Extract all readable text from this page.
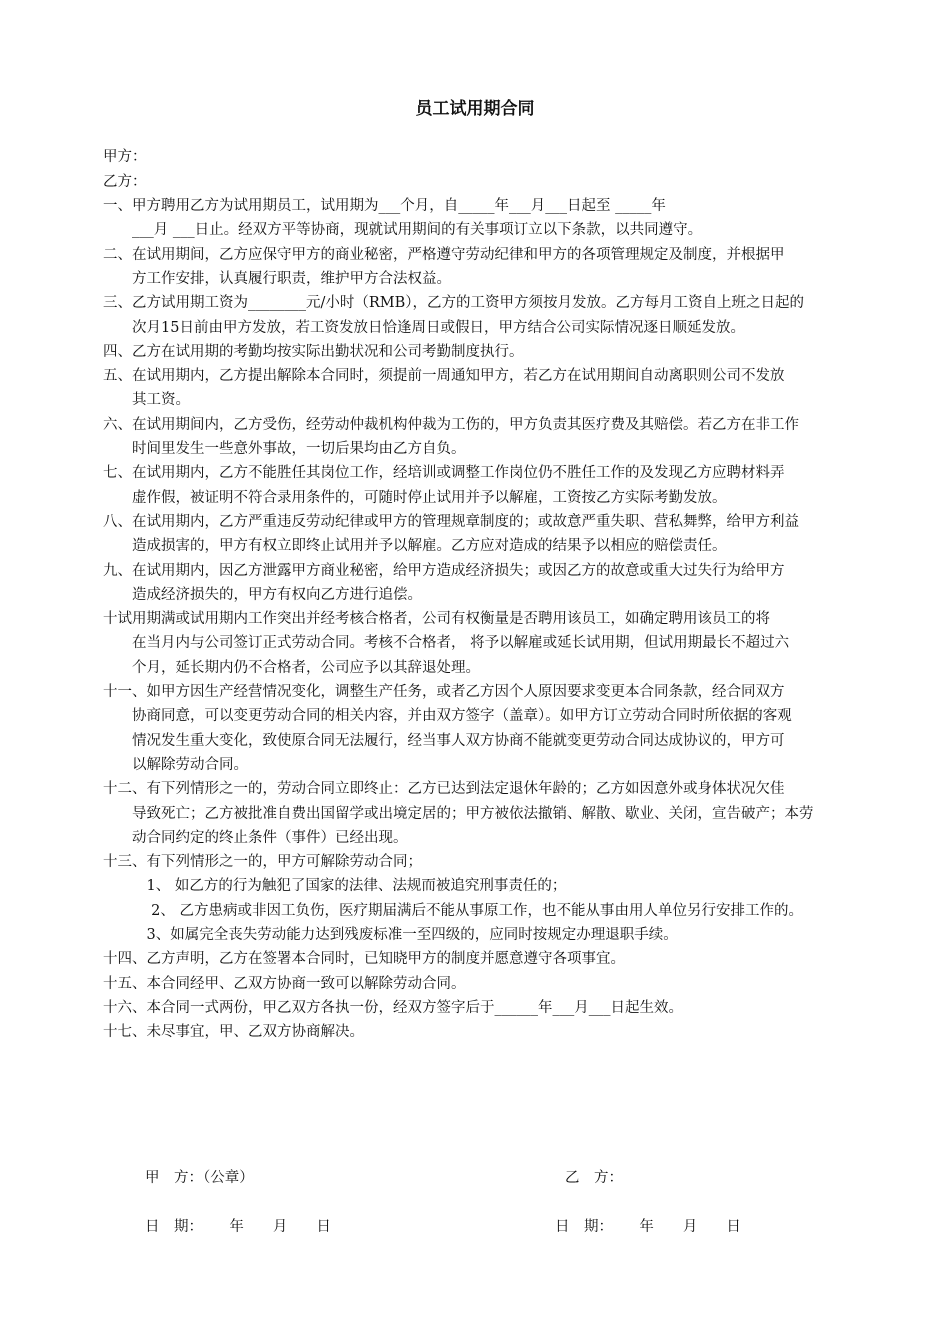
员工试用期合同
甲方：
乙方：
一、甲方聘用乙方为试用期员工，试用期为___个月，自_____年___月___日起至 _____年
　　___月 ___日止。经双方平等协商，现就试用期间的有关事项订立以下条款，以共同遵守。
二、在试用期间，乙方应保守甲方的商业秘密，严格遵守劳动纪律和甲方的各项管理规定及制度，并根据甲
　　方工作安排，认真履行职责，维护甲方合法权益。
三、乙方试用期工资为________元/小时（RMB），乙方的工资甲方须按月发放。乙方每月工资自上班之日起的
　　次月15日前由甲方发放，若工资发放日恰逢周日或假日，甲方结合公司实际情况逐日顺延发放。
四、乙方在试用期的考勤均按实际出勤状况和公司考勤制度执行。
五、在试用期内，乙方提出解除本合同时，须提前一周通知甲方，若乙方在试用期间自动离职则公司不发放
　　其工资。
六、在试用期间内，乙方受伤，经劳动仲裁机构仲裁为工伤的，甲方负责其医疗费及其赔偿。若乙方在非工作
　　时间里发生一些意外事故，一切后果均由乙方自负。
七、在试用期内，乙方不能胜任其岗位工作，经培训或调整工作岗位仍不胜任工作的及发现乙方应聘材料弄
　　虚作假，被证明不符合录用条件的，可随时停止试用并予以解雇，工资按乙方实际考勤发放。
八、在试用期内，乙方严重违反劳动纪律或甲方的管理规章制度的；或故意严重失职、营私舞弊，给甲方利益
　　造成损害的，甲方有权立即终止试用并予以解雇。乙方应对造成的结果予以相应的赔偿责任。
九、在试用期内，因乙方泄露甲方商业秘密，给甲方造成经济损失；或因乙方的故意或重大过失行为给甲方
　　造成经济损失的，甲方有权向乙方进行追偿。
十试用期满或试用期内工作突出并经考核合格者，公司有权衡量是否聘用该员工，如确定聘用该员工的将
　　在当月内与公司签订正式劳动合同。考核不合格者， 将予以解雇或延长试用期，但试用期最长不超过六
　　个月，延长期内仍不合格者，公司应予以其辞退处理。
十一、如甲方因生产经营情况变化，调整生产任务，或者乙方因个人原因要求变更本合同条款，经合同双方
　　协商同意，可以变更劳动合同的相关内容，并由双方签字（盖章）。如甲方订立劳动合同时所依据的客观
　　情况发生重大变化，致使原合同无法履行，经当事人双方协商不能就变更劳动合同达成协议的，甲方可
　　以解除劳动合同。
十二、有下列情形之一的，劳动合同立即终止：乙方已达到法定退休年龄的；乙方如因意外或身体状况欠佳
　　导致死亡；乙方被批准自费出国留学或出境定居的；甲方被依法撤销、解散、歇业、关闭，宣告破产；本劳
　　动合同约定的终止条件（事件）已经出现。
十三、有下列情形之一的，甲方可解除劳动合同；
　　　1、 如乙方的行为触犯了国家的法律、法规而被追究刑事责任的；
　　　 2、 乙方患病或非因工负伤，医疗期届满后不能从事原工作，也不能从事由用人单位另行安排工作的。
　　　3、如属完全丧失劳动能力达到残废标准一至四级的，应同时按规定办理退职手续。
十四、乙方声明，乙方在签署本合同时，已知晓甲方的制度并愿意遵守各项事宜。
十五、本合同经甲、乙双方协商一致可以解除劳动合同。
十六、本合同一式两份，甲乙双方各执一份，经双方签字后于______年___月___日起生效。
十七、未尽事宜，甲、乙双方协商解决。
甲　方：（公章）	乙　方：
日　期：　　 年　　月　　日	日　期：　　 年　　月　　日
